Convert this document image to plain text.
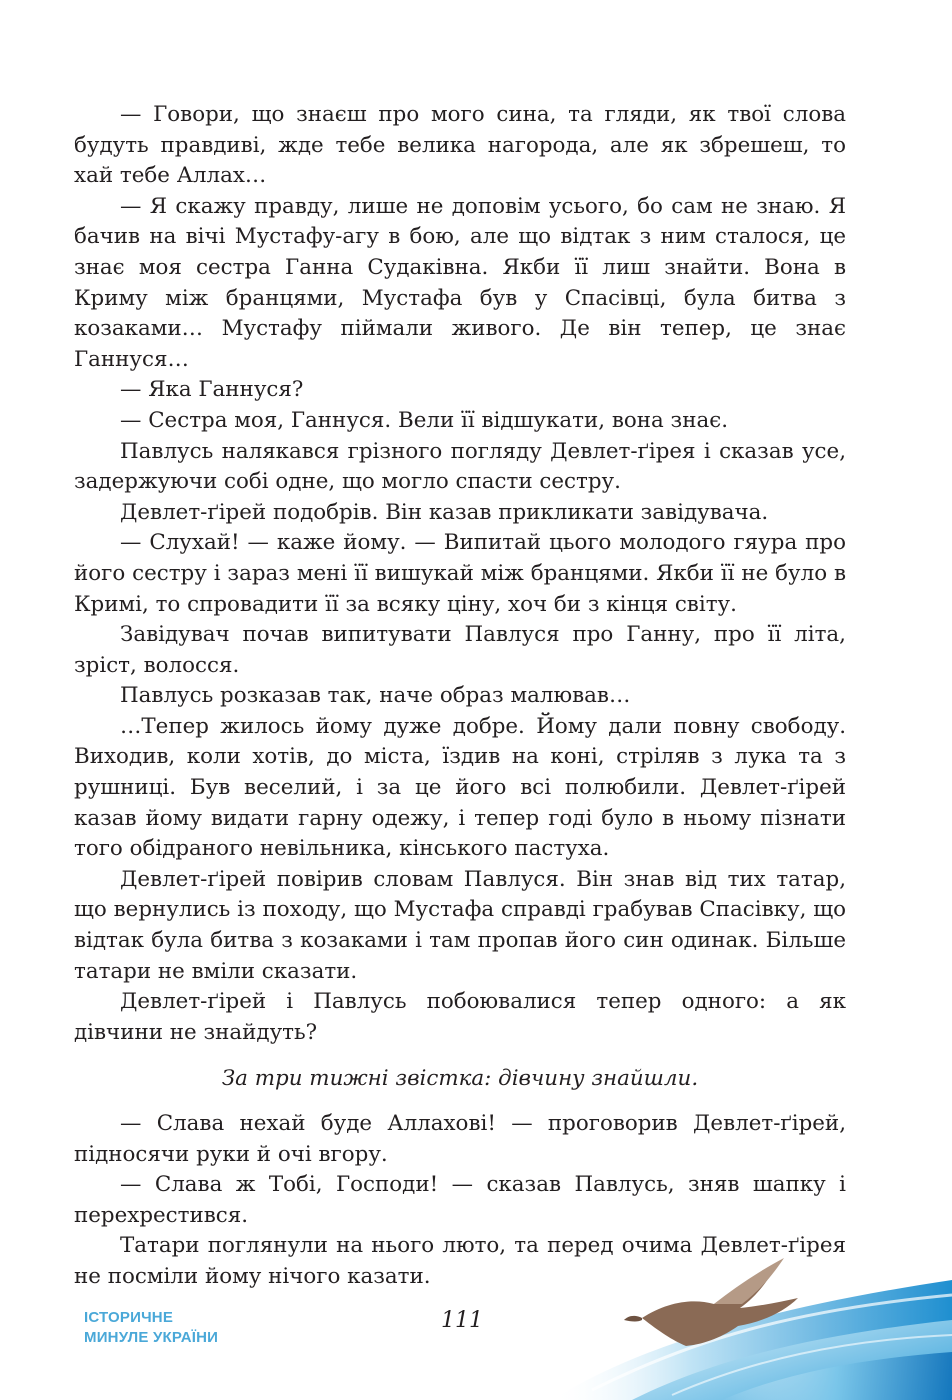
— Говори, що знаєш про мого сина, та гляди, як твої слова будуть правдиві, жде тебе велика нагорода, але як збрешеш, то хай тебе Аллах…

— Я скажу правду, лише не доповім усього, бо сам не знаю. Я бачив на вічі Мустафу-агу в бою, але що відтак з ним сталося, це знає моя сестра Ганна Судаківна. Якби її лиш знайти. Вона в Криму між бранцями, Мустафа був у Спасівці, була битва з козаками… Мустафу піймали живого. Де він тепер, це знає Ганнуся…

— Яка Ганнуся?

— Сестра моя, Ганнуся. Вели її відшукати, вона знає.

Павлусь налякався грізного погляду Девлет-ґірея і сказав усе, задержуючи собі одне, що могло спасти сестру.

Девлет-ґірей подобрів. Він казав прикликати завідувача.

— Слухай! — каже йому. — Випитай цього молодого гяура про його сестру і зараз мені її вишукай між бранцями. Якби її не було в Кримі, то спровадити її за всяку ціну, хоч би з кінця світу.

Завідувач почав випитувати Павлуся про Ганну, про її літа, зріст, волосся.

Павлусь розказав так, наче образ малював…

…Тепер жилось йому дуже добре. Йому дали повну свободу. Виходив, коли хотів, до міста, їздив на коні, стріляв з лука та з рушниці. Був веселий, і за це його всі полюбили. Девлет-ґірей казав йому видати гарну одежу, і тепер годі було в ньому пізнати того обідраного невільника, кінського пастуха.

Девлет-ґірей повірив словам Павлуся. Він знав від тих татар, що вернулись із походу, що Мустафа справді грабував Спасівку, що відтак була битва з козаками і там пропав його син одинак. Більше татари не вміли сказати.

Девлет-ґірей і Павлусь побоювалися тепер одного: а як дівчини не знайдуть?

За три тижні звістка: дівчину знайшли.

— Слава нехай буде Аллахові! — проговорив Девлет-ґірей, підносячи руки й очі вгору.

— Слава ж Тобі, Господи! — сказав Павлусь, зняв шапку і перехрестився.

Татари поглянули на нього люто, та перед очима Девлет-ґірея не посміли йому нічого казати.

ІСТОРИЧНЕ
МИНУЛЕ УКРАЇНИ
111
